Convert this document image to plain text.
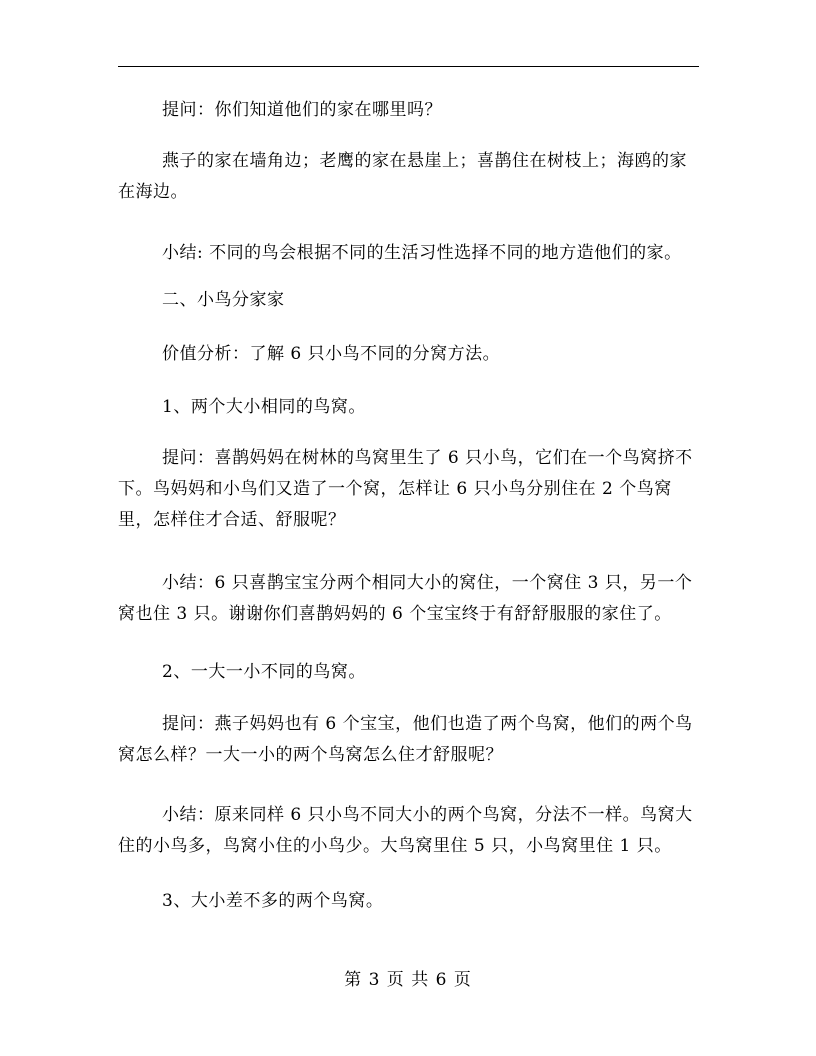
提问：你们知道他们的家在哪里吗？
燕子的家在墙角边；老鹰的家在悬崖上；喜鹊住在树枝上；海鸥的家在海边。
小结: 不同的鸟会根据不同的生活习性选择不同的地方造他们的家。
二、小鸟分家家
价值分析：了解 6 只小鸟不同的分窝方法。
1、两个大小相同的鸟窝。
提问：喜鹊妈妈在树林的鸟窝里生了 6 只小鸟，它们在一个鸟窝挤不下。鸟妈妈和小鸟们又造了一个窝，怎样让 6 只小鸟分别住在 2 个鸟窝里，怎样住才合适、舒服呢？
小结：6 只喜鹊宝宝分两个相同大小的窝住，一个窝住 3 只，另一个窝也住 3 只。谢谢你们喜鹊妈妈的 6 个宝宝终于有舒舒服服的家住了。
2、一大一小不同的鸟窝。
提问：燕子妈妈也有 6 个宝宝，他们也造了两个鸟窝，他们的两个鸟窝怎么样？一大一小的两个鸟窝怎么住才舒服呢？
小结：原来同样 6 只小鸟不同大小的两个鸟窝，分法不一样。鸟窝大住的小鸟多，鸟窝小住的小鸟少。大鸟窝里住 5 只，小鸟窝里住 1 只。
3、大小差不多的两个鸟窝。
第 3 页 共 6 页
